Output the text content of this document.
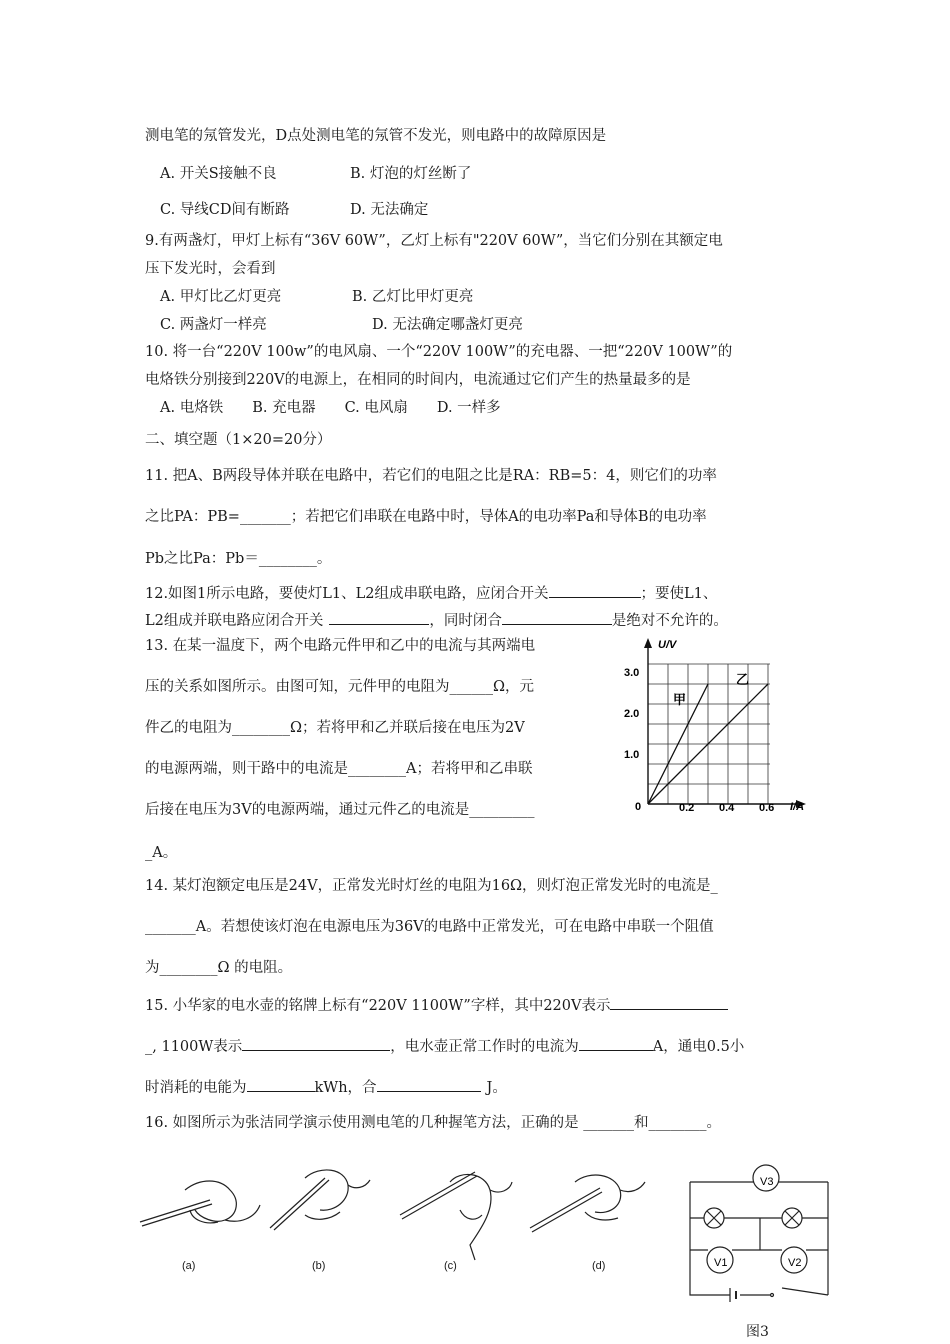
测电笔的氖管发光，D点处测电笔的氖管不发光，则电路中的故障原因是
A. 开关S接触不良	B. 灯泡的灯丝断了
C. 导线CD间有断路	D. 无法确定
9.有两盏灯，甲灯上标有“36V 60W”，乙灯上标有"220V 60W”，当它们分别在其额定电
压下发光时，会看到
A. 甲灯比乙灯更亮	B. 乙灯比甲灯更亮
C. 两盏灯一样亮	D. 无法确定哪盏灯更亮
10. 将一台“220V 100w”的电风扇、一个“220V 100W”的充电器、一把“220V 100W”的
电烙铁分别接到220V的电源上，在相同的时间内，电流通过它们产生的热量最多的是
A. 电烙铁　　B. 充电器　　C. 电风扇　　D. 一样多
二、填空题（1×20=20分）
11. 把A、B两段导体并联在电路中，若它们的电阻之比是RA：RB=5：4，则它们的功率
之比PA：PB=_______；若把它们串联在电路中时，导体A的电功率Pa和导体B的电功率
Pb之比Pa：Pb＝________。
12.如图1所示电路，要使灯L1、L2组成串联电路，应闭合开关	；要使L1、
L2组成并联电路应闭合开关	，同时闭合	是绝对不允许的。
13. 在某一温度下，两个电路元件甲和乙中的电流与其两端电
压的关系如图所示。由图可知，元件甲的电阻为______Ω，元
件乙的电阻为________Ω；若将甲和乙并联后接在电压为2V
的电源两端，则干路中的电流是________A；若将甲和乙串联
后接在电压为3V的电源两端，通过元件乙的电流是_________
_A。
U/V
I/A
0
1.0
2.0
3.0
0.2 0.4 0.6
甲
乙
14. 某灯泡额定电压是24V，正常发光时灯丝的电阻为16Ω，则灯泡正常发光时的电流是_
_______A。若想使该灯泡在电源电压为36V的电路中正常发光，可在电路中串联一个阻值
为________Ω 的电阻。
15. 小华家的电水壶的铭牌上标有“220V 1100W”字样，其中220V表示
_, 1100W表示	，电水壶正常工作时的电流为	A，通电0.5小
时消耗的电能为	kWh，合	J。
16. 如图所示为张洁同学演示使用测电笔的几种握笔方法，正确的是 _______和________。
(a)	(b)	(c)	(d)
V3
V1	V2
图3
